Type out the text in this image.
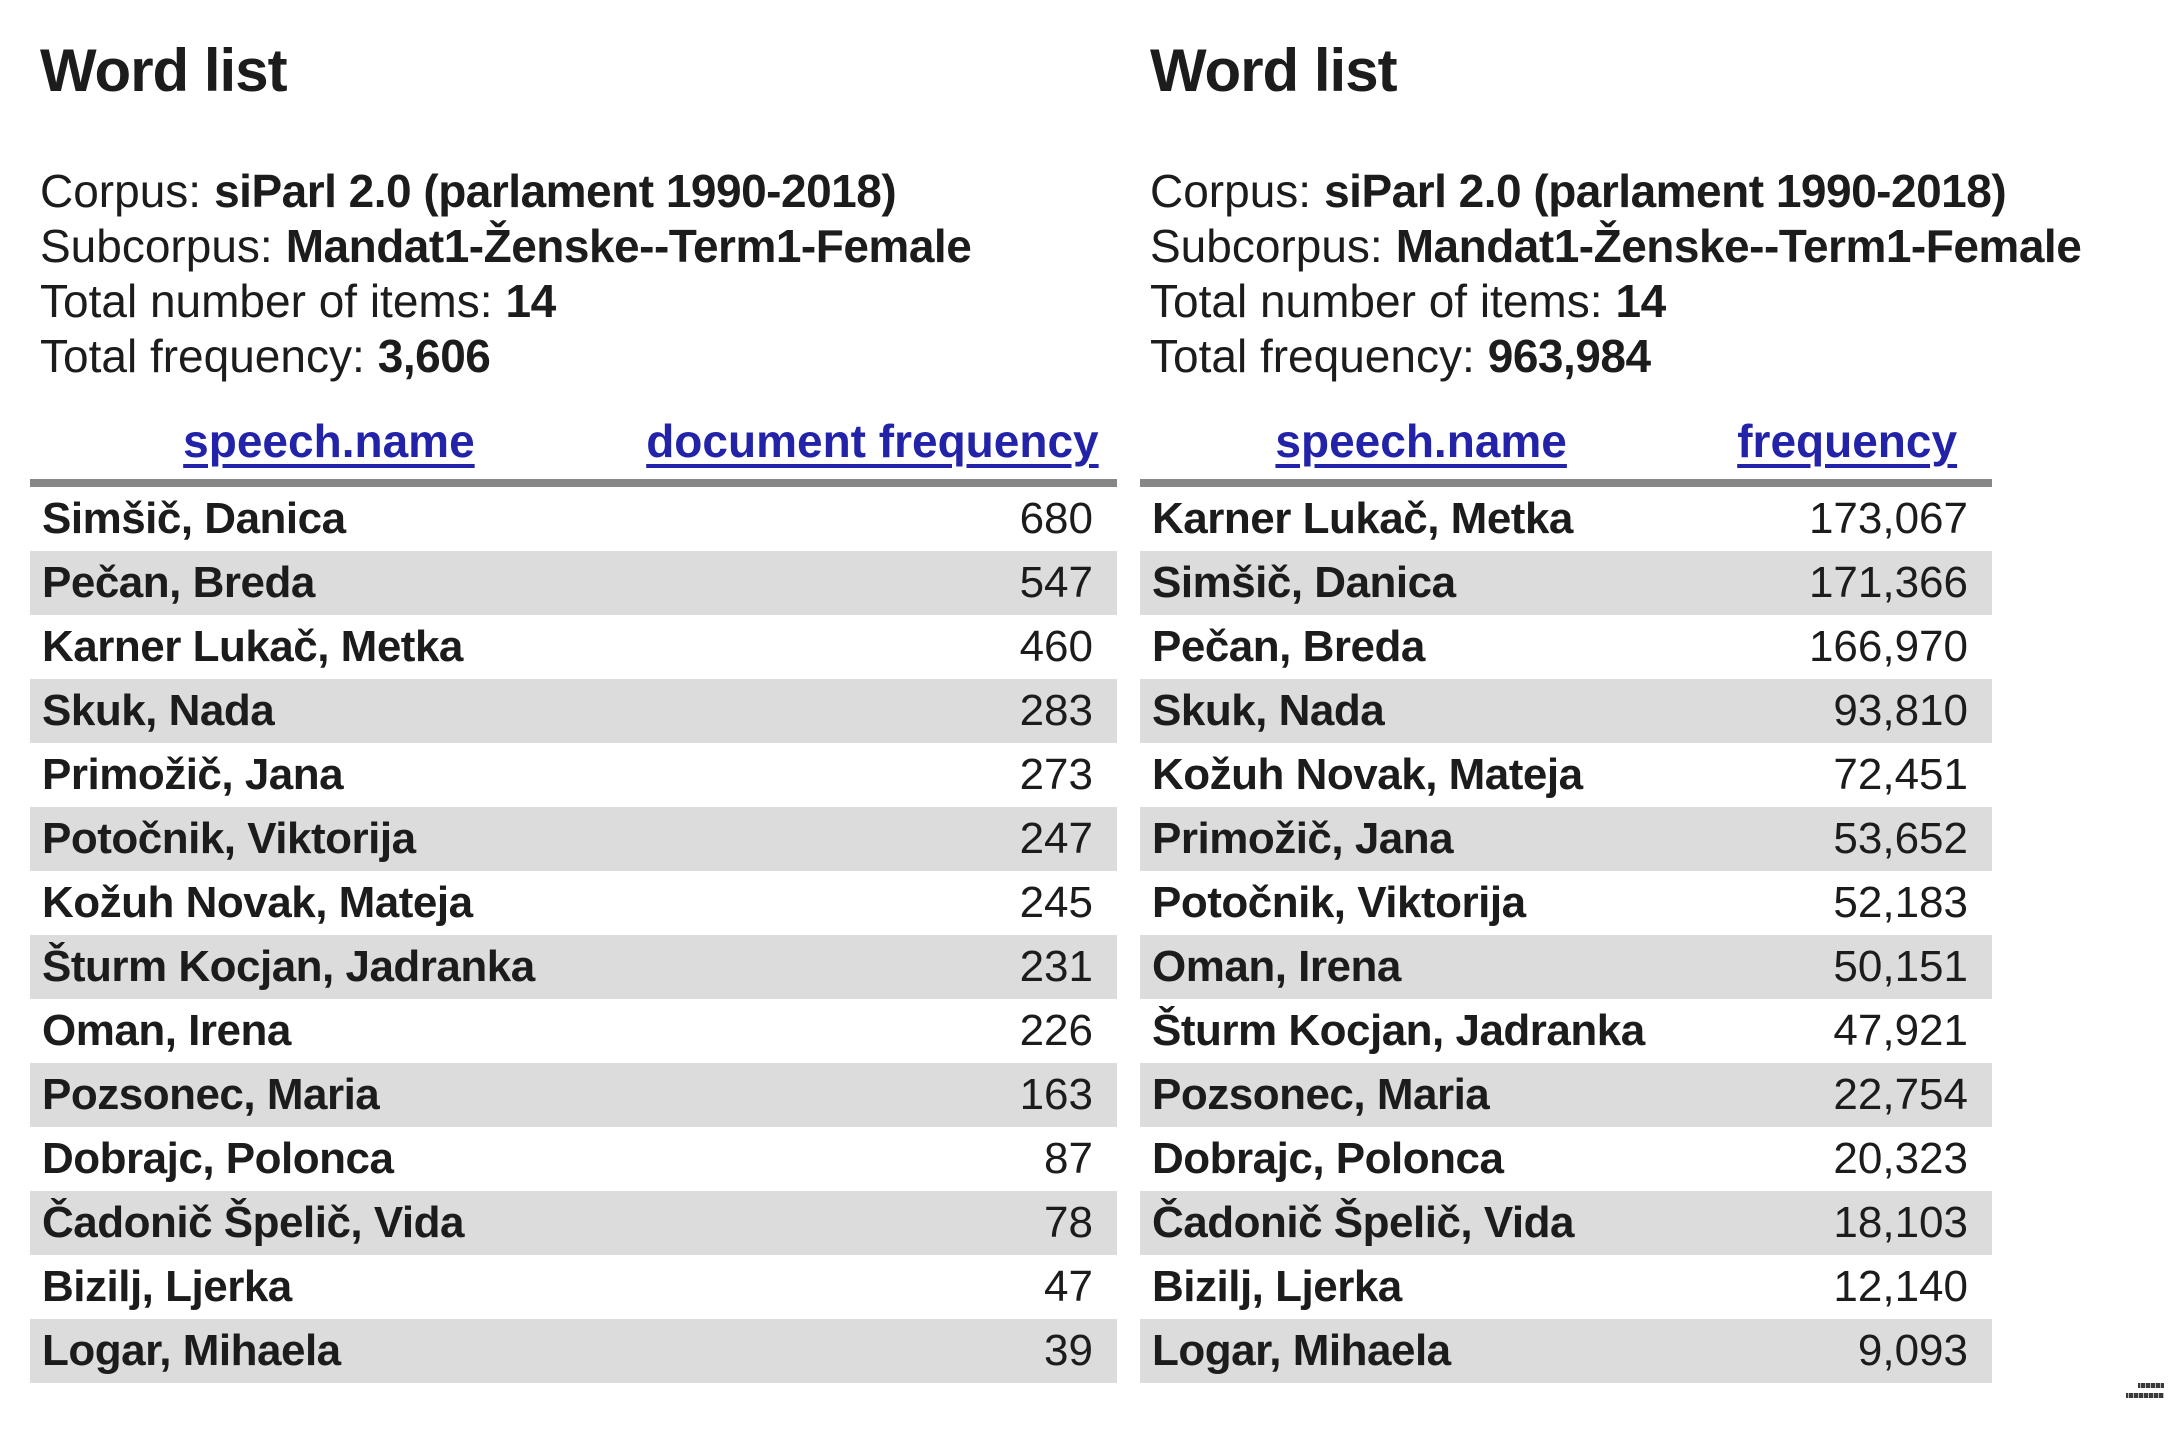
Word list
Corpus: siParl 2.0 (parlament 1990-2018)
Subcorpus: Mandat1-Ženske--Term1-Female
Total number of items: 14
Total frequency: 3,606
speech.name	document frequency
Simšič, Danica	680
Pečan, Breda	547
Karner Lukač, Metka	460
Skuk, Nada	283
Primožič, Jana	273
Potočnik, Viktorija	247
Kožuh Novak, Mateja	245
Šturm Kocjan, Jadranka	231
Oman, Irena	226
Pozsonec, Maria	163
Dobrajc, Polonca	87
Čadonič Špelič, Vida	78
Bizilj, Ljerka	47
Logar, Mihaela	39
Word list
Corpus: siParl 2.0 (parlament 1990-2018)
Subcorpus: Mandat1-Ženske--Term1-Female
Total number of items: 14
Total frequency: 963,984
speech.name	frequency
Karner Lukač, Metka	173,067
Simšič, Danica	171,366
Pečan, Breda	166,970
Skuk, Nada	93,810
Kožuh Novak, Mateja	72,451
Primožič, Jana	53,652
Potočnik, Viktorija	52,183
Oman, Irena	50,151
Šturm Kocjan, Jadranka	47,921
Pozsonec, Maria	22,754
Dobrajc, Polonca	20,323
Čadonič Špelič, Vida	18,103
Bizilj, Ljerka	12,140
Logar, Mihaela	9,093
